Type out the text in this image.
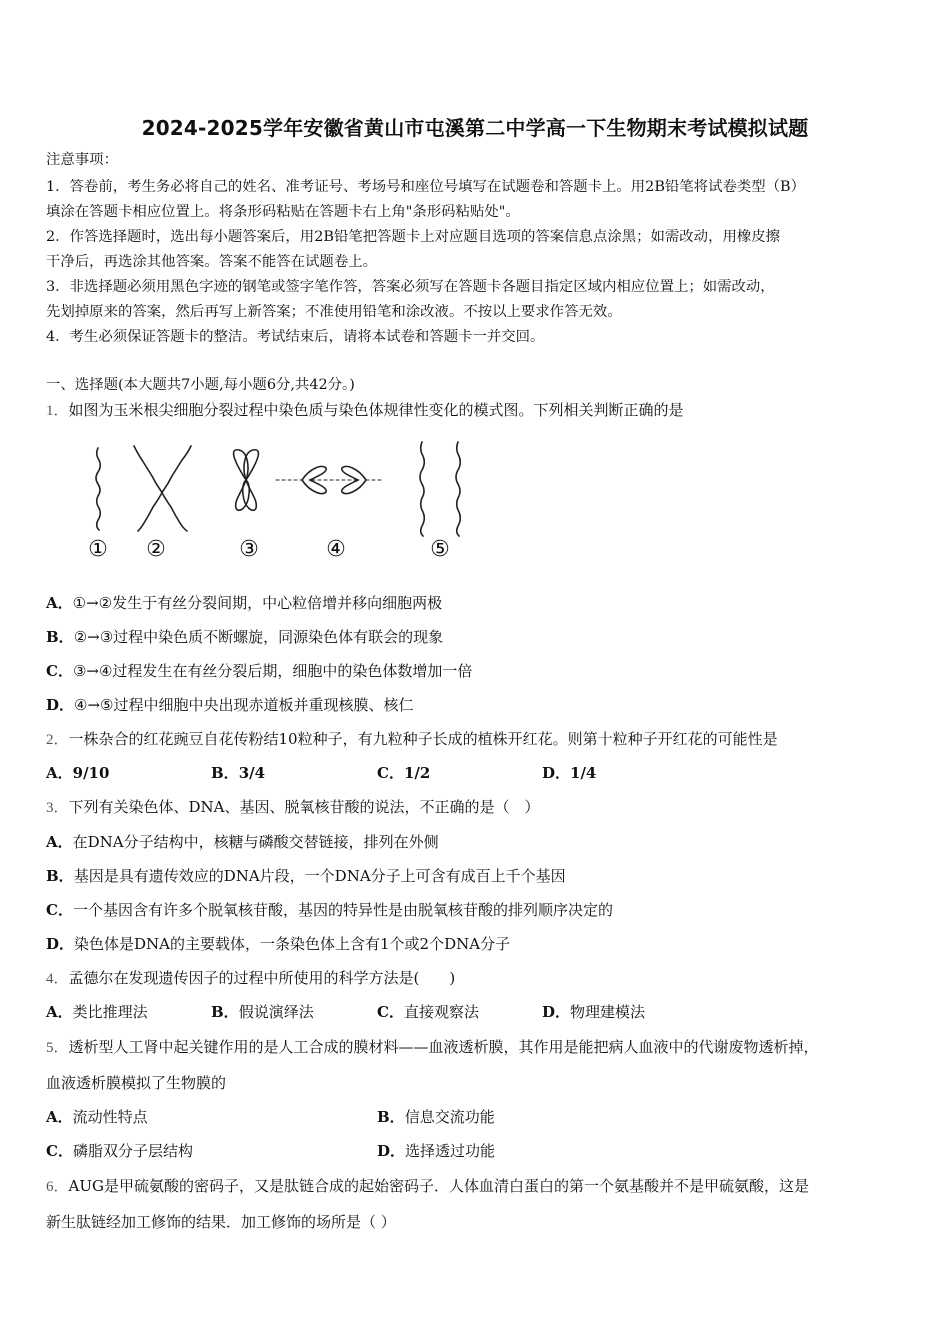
2024-2025学年安徽省黄山市屯溪第二中学高一下生物期末考试模拟试题
注意事项：
1．答卷前，考生务必将自己的姓名、准考证号、考场号和座位号填写在试题卷和答题卡上。用2B铅笔将试卷类型（B）
填涂在答题卡相应位置上。将条形码粘贴在答题卡右上角"条形码粘贴处"。
2．作答选择题时，选出每小题答案后，用2B铅笔把答题卡上对应题目选项的答案信息点涂黑；如需改动，用橡皮擦
干净后，再选涂其他答案。答案不能答在试题卷上。
3．非选择题必须用黑色字迹的钢笔或签字笔作答，答案必须写在答题卡各题目指定区域内相应位置上；如需改动，
先划掉原来的答案，然后再写上新答案；不准使用铅笔和涂改液。不按以上要求作答无效。
4．考生必须保证答题卡的整洁。考试结束后，请将本试卷和答题卡一并交回。
一、选择题(本大题共7小题,每小题6分,共42分。)
1．如图为玉米根尖细胞分裂过程中染色质与染色体规律性变化的模式图。下列相关判断正确的是
① ②	③	④	⑤
A．①→②发生于有丝分裂间期，中心粒倍增并移向细胞两极
B．②→③过程中染色质不断螺旋，同源染色体有联会的现象
C．③→④过程发生在有丝分裂后期，细胞中的染色体数增加一倍
D．④→⑤过程中细胞中央出现赤道板并重现核膜、核仁
2．一株杂合的红花豌豆自花传粉结10粒种子，有九粒种子长成的植株开红花。则第十粒种子开红花的可能性是
A．9/10	B．3/4	C．1/2	D．1/4
3．下列有关染色体、DNA、基因、脱氧核苷酸的说法，不正确的是（　）
A．在DNA分子结构中，核糖与磷酸交替链接，排列在外侧
B．基因是具有遗传效应的DNA片段，一个DNA分子上可含有成百上千个基因
C．一个基因含有许多个脱氧核苷酸，基因的特异性是由脱氧核苷酸的排列顺序决定的
D．染色体是DNA的主要载体，一条染色体上含有1个或2个DNA分子
4．孟德尔在发现遗传因子的过程中所使用的科学方法是(　　)
A．类比推理法	B．假说演绎法	C．直接观察法	D．物理建模法
5．透析型人工肾中起关键作用的是人工合成的膜材料——血液透析膜，其作用是能把病人血液中的代谢废物透析掉，
血液透析膜模拟了生物膜的
A．流动性特点	B．信息交流功能
C．磷脂双分子层结构	D．选择透过功能
6．AUG是甲硫氨酸的密码子，又是肽链合成的起始密码子．人体血清白蛋白的第一个氨基酸并不是甲硫氨酸，这是
新生肽链经加工修饰的结果．加工修饰的场所是（ ）
